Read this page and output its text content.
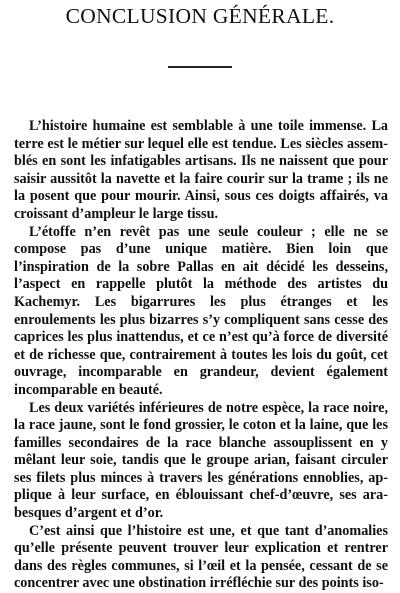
CONCLUSION GÉNÉRALE.

L’histoire humaine est semblable à une toile immense. La terre est le métier sur lequel elle est tendue. Les siècles assemblés en sont les infatigables artisans. Ils ne naissent que pour saisir aussitôt la navette et la faire courir sur la trame ; ils ne la posent que pour mourir. Ainsi, sous ces doigts affairés, va croissant d’ampleur le large tissu.

L’étoffe n’en revêt pas une seule couleur ; elle ne se compose pas d’une unique matière. Bien loin que l’inspiration de la sobre Pallas en ait décidé les desseins, l’aspect en rappelle plutôt la méthode des artistes du Kachemyr. Les bigarrures les plus étranges et les enroulements les plus bizarres s’y compliquent sans cesse des caprices les plus inattendus, et ce n’est qu’à force de diversité et de richesse que, contrairement à toutes les lois du goût, cet ouvrage, incomparable en grandeur, devient également incomparable en beauté.

Les deux variétés inférieures de notre espèce, la race noire, la race jaune, sont le fond grossier, le coton et la laine, que les familles secondaires de la race blanche assouplissent en y mêlant leur soie, tandis que le groupe arian, faisant circuler ses filets plus minces à travers les générations ennoblies, applique à leur surface, en éblouissant chef-d’œuvre, ses arabesques d’argent et d’or.

C’est ainsi que l’histoire est une, et que tant d’anomalies qu’elle présente peuvent trouver leur explication et rentrer dans des règles communes, si l’œil et la pensée, cessant de se concentrer avec une obstination irréfléchie sur des points iso-
